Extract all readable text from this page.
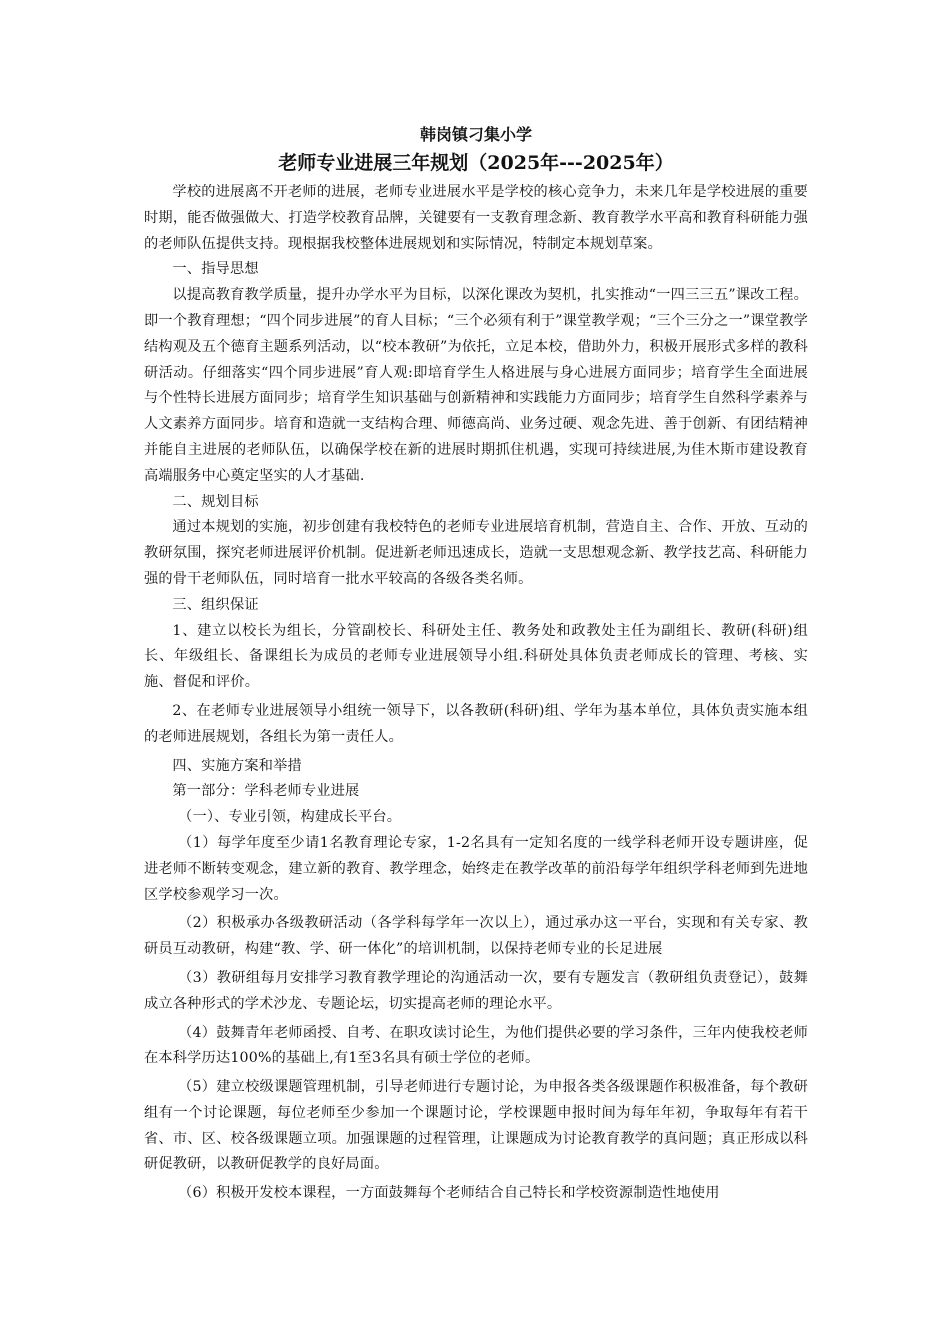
韩岗镇刁集小学
老师专业进展三年规划（2025年---2025年）

学校的进展离不开老师的进展，老师专业进展水平是学校的核心竞争力，未来几年是学校进展的重要时期，能否做强做大、打造学校教育品牌，关键要有一支教育理念新、教育教学水平高和教育科研能力强的老师队伍提供支持。现根据我校整体进展规划和实际情况，特制定本规划草案。

一、指导思想

以提高教育教学质量，提升办学水平为目标，以深化课改为契机，扎实推动“一四三三五”课改工程。即一个教育理想；“四个同步进展”的育人目标；“三个必须有利于”课堂教学观；“三个三分之一”课堂教学结构观及五个德育主题系列活动，以“校本教研”为依托，立足本校，借助外力，积极开展形式多样的教科研活动。仔细落实“四个同步进展”育人观:即培育学生人格进展与身心进展方面同步；培育学生全面进展与个性特长进展方面同步；培育学生知识基础与创新精神和实践能力方面同步；培育学生自然科学素养与人文素养方面同步。培育和造就一支结构合理、师德高尚、业务过硬、观念先进、善于创新、有团结精神并能自主进展的老师队伍，以确保学校在新的进展时期抓住机遇，实现可持续进展,为佳木斯市建设教育高端服务中心奠定坚实的人才基础.

二、规划目标

通过本规划的实施，初步创建有我校特色的老师专业进展培育机制，营造自主、合作、开放、互动的教研氛围，探究老师进展评价机制。促进新老师迅速成长，造就一支思想观念新、教学技艺高、科研能力强的骨干老师队伍，同时培育一批水平较高的各级各类名师。

三、组织保证

1、建立以校长为组长，分管副校长、科研处主任、教务处和政教处主任为副组长、教研(科研)组长、年级组长、备课组长为成员的老师专业进展领导小组.科研处具体负责老师成长的管理、考核、实施、督促和评价。

2、在老师专业进展领导小组统一领导下，以各教研(科研)组、学年为基本单位，具体负责实施本组的老师进展规划，各组长为第一责任人。

四、实施方案和举措

第一部分：学科老师专业进展

（一）、专业引领，构建成长平台。

（1）每学年度至少请1名教育理论专家，1-2名具有一定知名度的一线学科老师开设专题讲座，促进老师不断转变观念，建立新的教育、教学理念，始终走在教学改革的前沿每学年组织学科老师到先进地区学校参观学习一次。

（2）积极承办各级教研活动（各学科每学年一次以上），通过承办这一平台，实现和有关专家、教研员互动教研，构建“教、学、研一体化”的培训机制，以保持老师专业的长足进展

（3）教研组每月安排学习教育教学理论的沟通活动一次，要有专题发言（教研组负责登记），鼓舞成立各种形式的学术沙龙、专题论坛，切实提高老师的理论水平。

（4）鼓舞青年老师函授、自考、在职攻读讨论生，为他们提供必要的学习条件，三年内使我校老师在本科学历达100%的基础上,有1至3名具有硕士学位的老师。

（5）建立校级课题管理机制，引导老师进行专题讨论，为申报各类各级课题作积极准备，每个教研组有一个讨论课题，每位老师至少参加一个课题讨论，学校课题申报时间为每年年初，争取每年有若干省、市、区、校各级课题立项。加强课题的过程管理，让课题成为讨论教育教学的真问题；真正形成以科研促教研，以教研促教学的良好局面。

（6）积极开发校本课程，一方面鼓舞每个老师结合自己特长和学校资源制造性地使用
